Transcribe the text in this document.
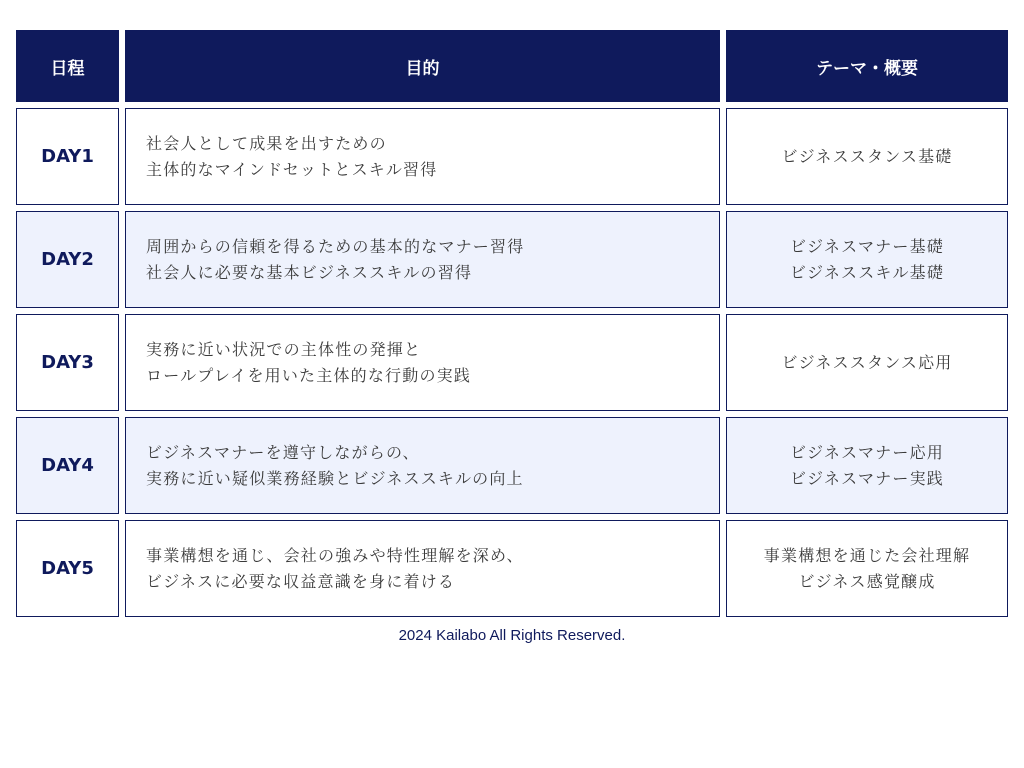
日程	目的	テーマ・概要
DAY1
社会人として成果を出すための
主体的なマインドセットとスキル習得
ビジネススタンス基礎
DAY2
周囲からの信頼を得るための基本的なマナー習得
社会人に必要な基本ビジネススキルの習得
ビジネスマナー基礎
ビジネススキル基礎
DAY3
実務に近い状況での主体性の発揮と
ロールプレイを用いた主体的な行動の実践
ビジネススタンス応用
DAY4
ビジネスマナーを遵守しながらの、
実務に近い疑似業務経験とビジネススキルの向上
ビジネスマナー応用
ビジネスマナー実践
DAY5
事業構想を通じ、会社の強みや特性理解を深め、
ビジネスに必要な収益意識を身に着ける
事業構想を通じた会社理解
ビジネス感覚醸成
2024 Kailabo All Rights Reserved.
